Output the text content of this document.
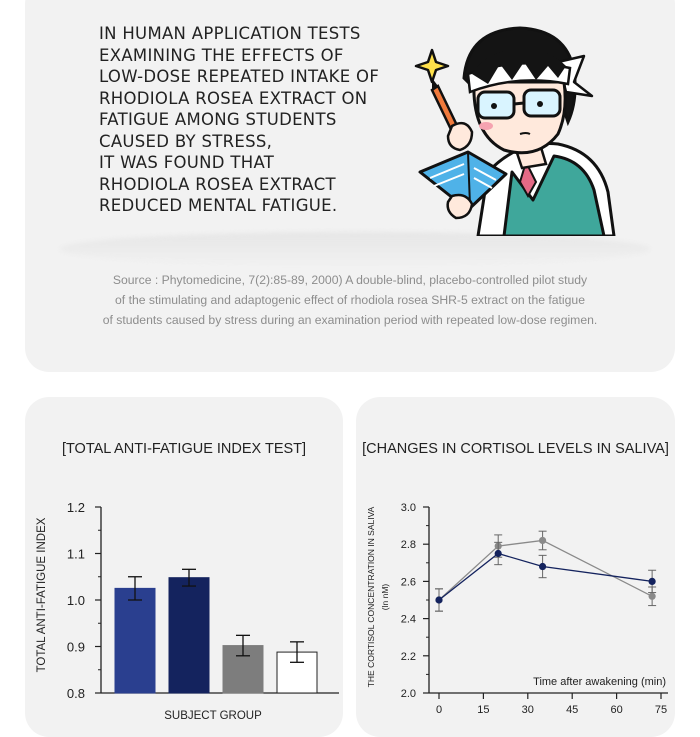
IN HUMAN APPLICATION TESTS
EXAMINING THE EFFECTS OF
LOW-DOSE REPEATED INTAKE OF
RHODIOLA ROSEA EXTRACT ON
FATIGUE AMONG STUDENTS
CAUSED BY STRESS,
IT WAS FOUND THAT
RHODIOLA ROSEA EXTRACT
REDUCED MENTAL FATIGUE.
Source : Phytomedicine, 7(2):85-89, 2000) A double-blind, placebo-controlled pilot study
of the stimulating and adaptogenic effect of rhodiola rosea SHR-5 extract on the fatigue
of students caused by stress during an examination period with repeated low-dose regimen.
[TOTAL ANTI-FATIGUE INDEX TEST]
TOTAL ANTI-FATIGUE INDEX
SUBJECT GROUP
1.2
1.1
1.0
0.9
0.8
[CHANGES IN CORTISOL LEVELS IN SALIVA]
THE CORTISOL CONCENTRATION IN SALIVA (ln nM)
Time after awakening (min)
3.0
2.8
2.6
2.4
2.2
2.0
0	15	30	45	60	75
